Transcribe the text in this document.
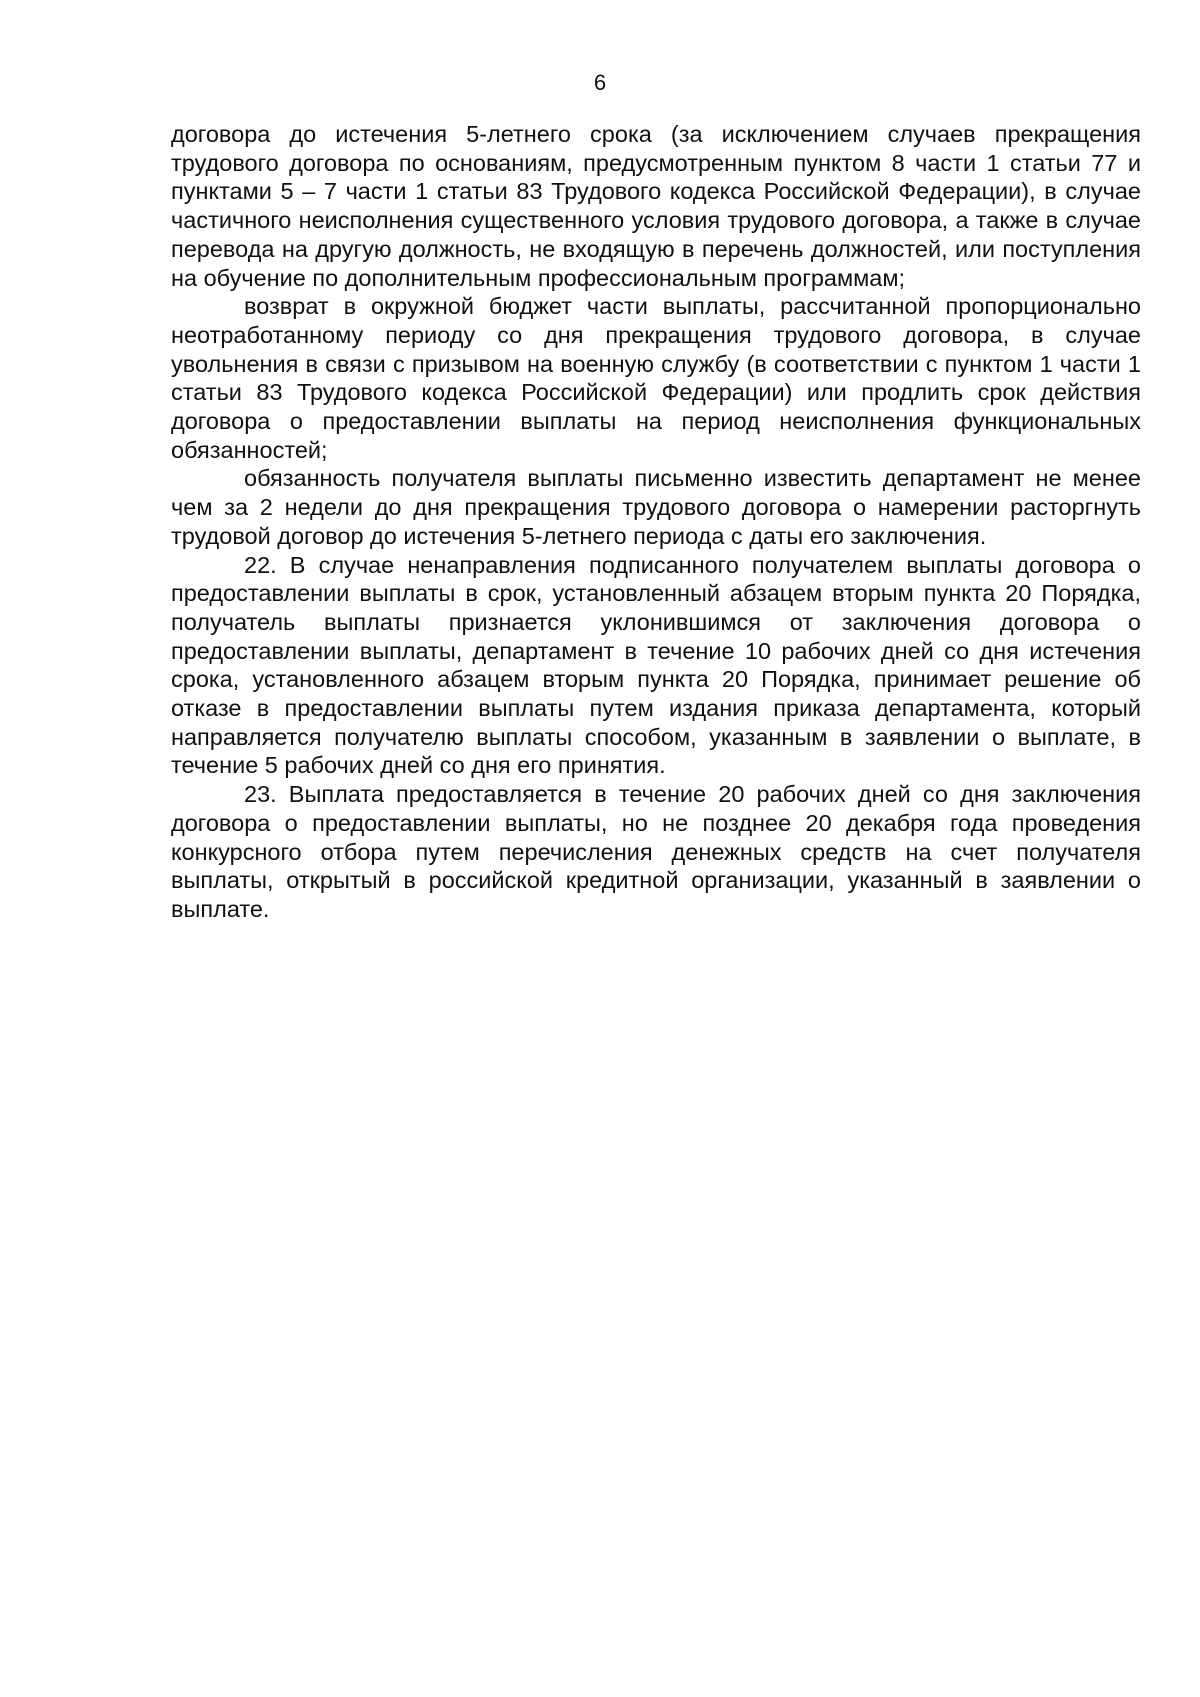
6

договора до истечения 5-летнего срока (за исключением случаев прекращения трудового договора по основаниям, предусмотренным пунктом 8 части 1 статьи 77 и пунктами 5 – 7 части 1 статьи 83 Трудового кодекса Российской Федерации), в случае частичного неисполнения существенного условия трудового договора, а также в случае перевода на другую должность, не входящую в перечень должностей, или поступления на обучение по дополнительным профессиональным программам;

возврат в окружной бюджет части выплаты, рассчитанной пропорционально неотработанному периоду со дня прекращения трудового договора, в случае увольнения в связи с призывом на военную службу (в соответствии с пунктом 1 части 1 статьи 83 Трудового кодекса Российской Федерации) или продлить срок действия договора о предоставлении выплаты на период неисполнения функциональных обязанностей;

обязанность получателя выплаты письменно известить департамент не менее чем за 2 недели до дня прекращения трудового договора о намерении расторгнуть трудовой договор до истечения 5-летнего периода с даты его заключения.

22. В случае ненаправления подписанного получателем выплаты договора о предоставлении выплаты в срок, установленный абзацем вторым пункта 20 Порядка, получатель выплаты признается уклонившимся от заключения договора о предоставлении выплаты, департамент в течение 10 рабочих дней со дня истечения срока, установленного абзацем вторым пункта 20 Порядка, принимает решение об отказе в предоставлении выплаты путем издания приказа департамента, который направляется получателю выплаты способом, указанным в заявлении о выплате, в течение 5 рабочих дней со дня его принятия.

23. Выплата предоставляется в течение 20 рабочих дней со дня заключения договора о предоставлении выплаты, но не позднее 20 декабря года проведения конкурсного отбора путем перечисления денежных средств на счет получателя выплаты, открытый в российской кредитной организации, указанный в заявлении о выплате.
